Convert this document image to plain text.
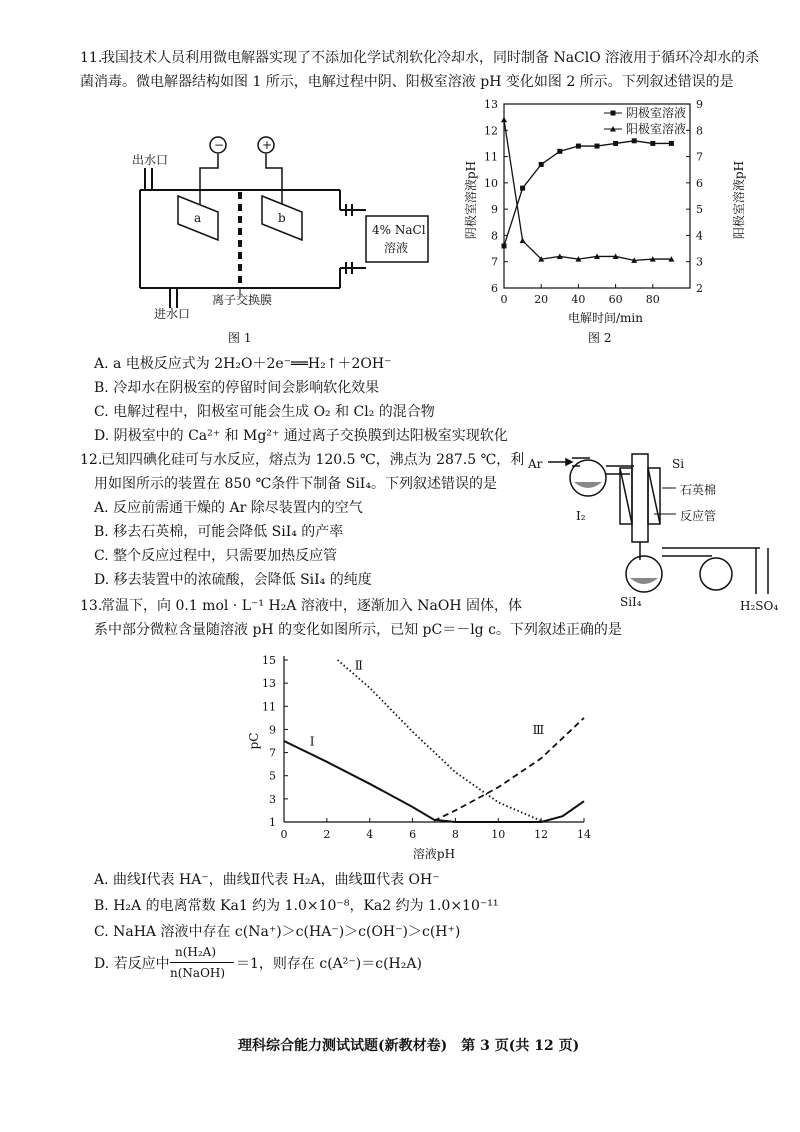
11.
我国技术人员利用微电解器实现了不添加化学试剂软化冷却水，同时制备 NaClO 溶液用于循环冷却水的杀
菌消毒。微电解器结构如图 1 所示，电解过程中阴、阳极室溶液 pH 变化如图 2 所示。下列叙述错误的是
出水口
进水口
离子交换膜
−	+
a	b
4% NaCl
溶液
图 1
0 20 40 60 80
6
7
8
9
10
11
12
13
2
3
4
5
6
7
8
9
阴极室溶液pH	阳极室溶液pH
电解时间/min
阴极室溶液
阳极室溶液
图 2
A. a 电极反应式为 2H₂O＋2e⁻══H₂↑＋2OH⁻
B. 冷却水在阴极室的停留时间会影响软化效果
C. 电解过程中，阳极室可能会生成 O₂ 和 Cl₂ 的混合物
D. 阴极室中的 Ca²⁺ 和 Mg²⁺ 通过离子交换膜到达阳极室实现软化
12.
已知四碘化硅可与水反应，熔点为 120.5 ℃，沸点为 287.5 ℃，利
用如图所示的装置在 850 ℃条件下制备 SiI₄。下列叙述错误的是
A. 反应前需通干燥的 Ar 除尽装置内的空气
B. 移去石英棉，可能会降低 SiI₄ 的产率
C. 整个反应过程中，只需要加热反应管
D. 移去装置中的浓硫酸，会降低 SiI₄ 的纯度
Ar
I₂
Si
石英棉
反应管
SiI₄	H₂SO₄
13.
常温下，向 0.1 mol · L⁻¹ H₂A 溶液中，逐渐加入 NaOH 固体，体
系中部分微粒含量随溶液 pH 的变化如图所示，已知 pC＝－lg c。下列叙述正确的是
0	2	4	6	8	10	12	14
1
3
5
7
9
11
13
15
溶液pH
pC	Ⅰ
Ⅱ
Ⅲ
A. 曲线Ⅰ代表 HA⁻，曲线Ⅱ代表 H₂A，曲线Ⅲ代表 OH⁻
B. H₂A 的电离常数 Ka1 约为 1.0×10⁻⁸，Ka2 约为 1.0×10⁻¹¹
C. NaHA 溶液中存在 c(Na⁺)＞c(HA⁻)＞c(OH⁻)＞c(H⁺)
D. 若反应中
n(H₂A)
n(NaOH)
＝1，则存在 c(A²⁻)＝c(H₂A)
理科综合能力测试试题(新教材卷)　第 3 页(共 12 页)
